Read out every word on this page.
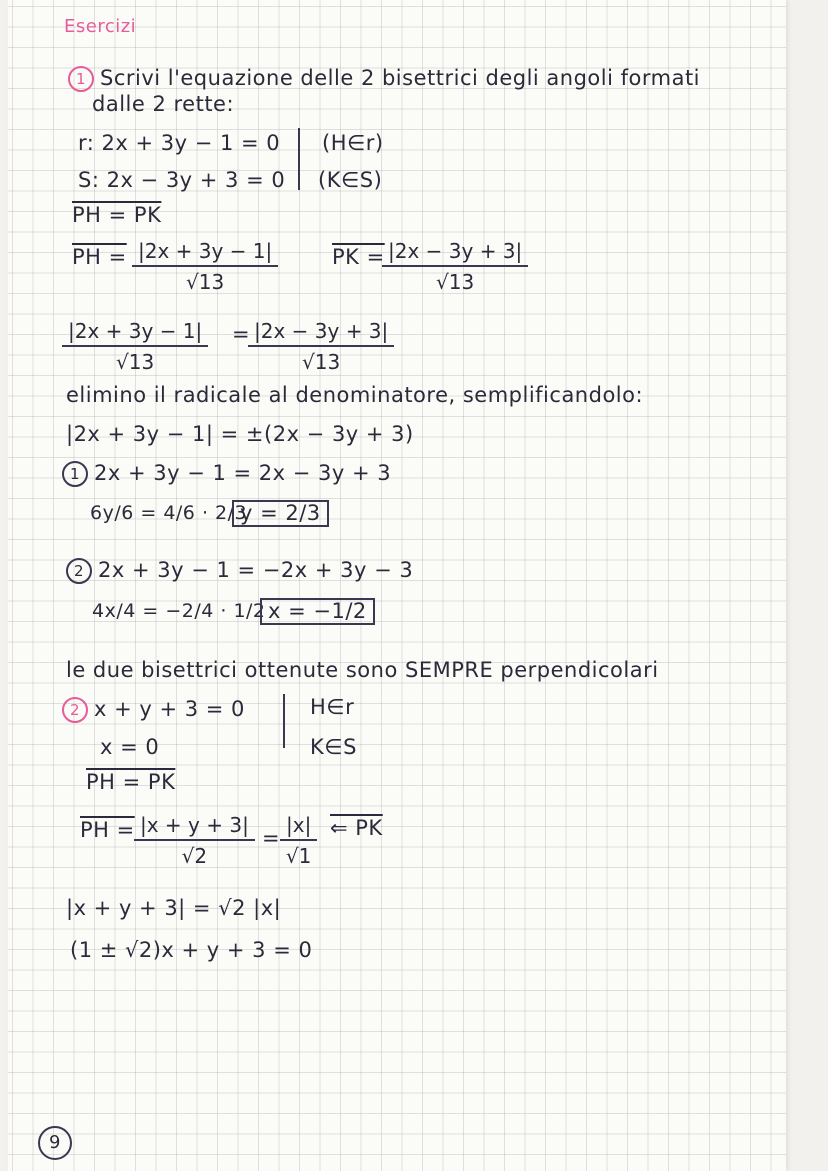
Esercizi
1 Scrivi l'equazione delle 2 bisettrici degli angoli formati
dalle 2 rette:
r: 2x + 3y − 1 = 0
S: 2x − 3y + 3 = 0
(H∈r)
(K∈S)
PH = PK
PH = $\frac{|2x + 3y - 1|}{√13}$	PK =
$\frac{|2x - 3y + 3|}{√13}$
$\frac{|2x + 3y - 1|}{√13}$ =
$\frac{|2x - 3y + 3|}{√13}$
elimino il radicale al denominatore, semplificandolo:
|2x + 3y − 1| = ±(2x − 3y + 3)
1 2x + 3y − 1 = 2x − 3y + 3
6y/6 = 4/6 · 2/3
y = 2/3
2 2x + 3y − 1 = −2x + 3y − 3
4x/4 = −2/4 · 1/2 x = −1/2
le due bisettrici ottenute sono SEMPRE perpendicolari
2 x + y + 3 = 0
x = 0
H∈r
K∈S
PH = PK
PH = $\frac{|x + y + 3|}{√2} = \frac{|x|}{√1}$ ⇐ PK
|x + y + 3| = √2 |x|
(1 ± √2)x + y + 3 = 0
9
